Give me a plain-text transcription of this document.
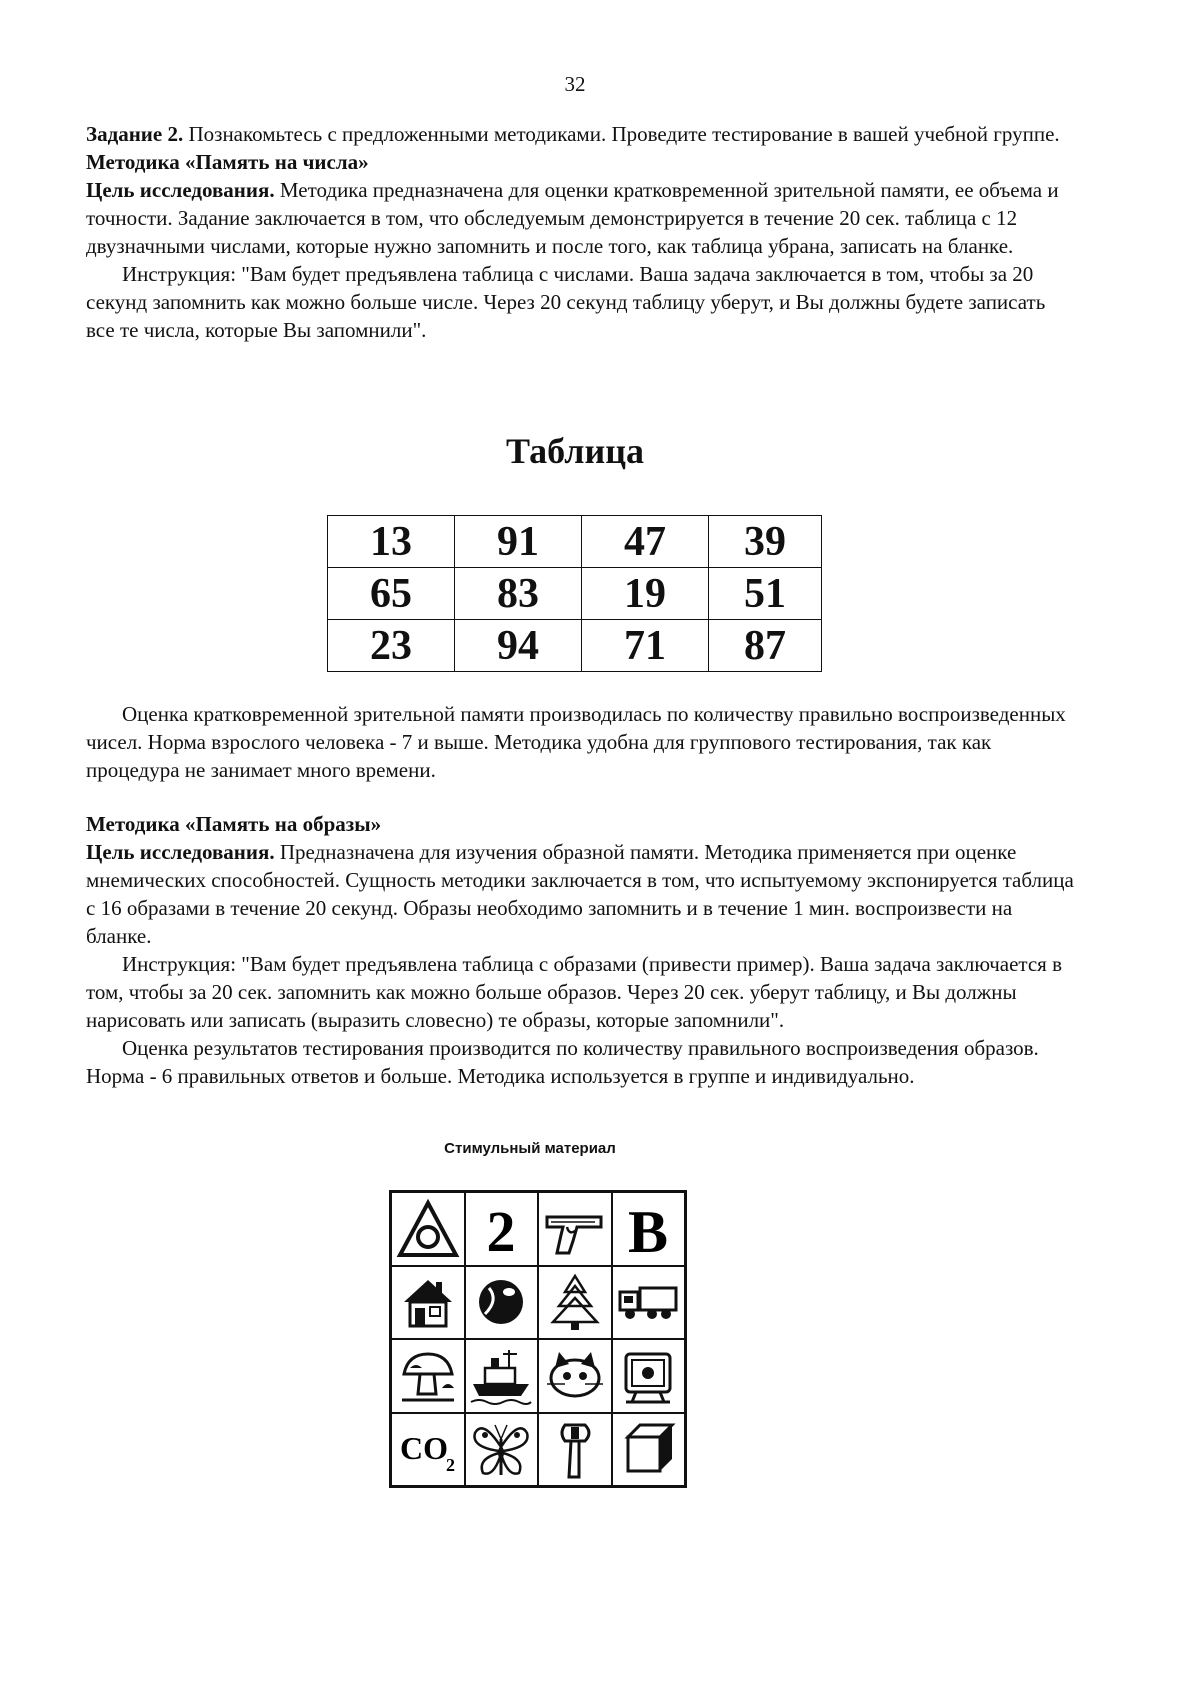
32

Задание 2. Познакомьтесь с предложенными методиками. Проведите тестирование в вашей учебной группе.

Методика «Память на числа»

Цель исследования. Методика предназначена для оценки кратковременной зрительной памяти, ее объема и точности. Задание заключается в том, что обследуемым демонстрируется в течение 20 сек. таблица с 12 двузначными числами, которые нужно запомнить и после того, как таблица убрана, записать на бланке.

Инструкция: "Вам будет предъявлена таблица с числами. Ваша задача заключается в том, чтобы за 20 секунд запомнить как можно больше числе. Через 20 секунд таблицу уберут, и Вы должны будете записать все те числа, которые Вы запомнили".

Таблица
13	91	47	39
65	83	19	51
23	94	71	87

Оценка кратковременной зрительной памяти производилась по количеству правильно воспроизведенных чисел. Норма взрослого человека - 7 и выше. Методика удобна для группового тестирования, так как процедура не занимает много времени.

Методика «Память на образы»

Цель исследования. Предназначена для изучения образной памяти. Методика применяется при оценке мнемических способностей. Сущность методики заключается в том, что испытуемому экспонируется таблица с 16 образами в течение 20 секунд. Образы необходимо запомнить и в течение 1 мин. воспроизвести на бланке.

Инструкция: "Вам будет предъявлена таблица с образами (привести пример). Ваша задача заключается в том, чтобы за 20 сек. запомнить как можно больше образов. Через 20 сек. уберут таблицу, и Вы должны нарисовать или записать (выразить словесно) те образы, которые запомнили".

Оценка результатов тестирования производится по количеству правильного воспроизведения образов. Норма - 6 правильных ответов и больше. Методика используется в группе и индивидуально.

Стимульный материал
2 B
CO
2
